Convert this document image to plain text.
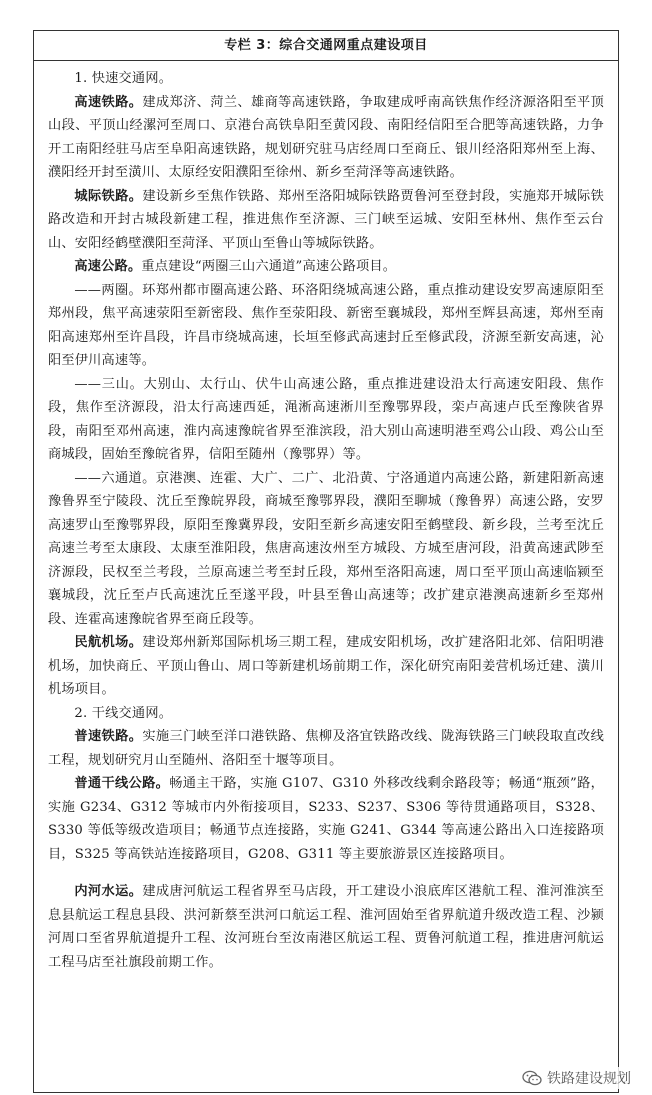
专栏 3：综合交通网重点建设项目

1. 快速交通网。

高速铁路。建成郑济、菏兰、雄商等高速铁路，争取建成呼南高铁焦作经济源洛阳至平顶山段、平顶山经漯河至周口、京港台高铁阜阳至黄冈段、南阳经信阳至合肥等高速铁路，力争开工南阳经驻马店至阜阳高速铁路，规划研究驻马店经周口至商丘、银川经洛阳郑州至上海、濮阳经开封至潢川、太原经安阳濮阳至徐州、新乡至菏泽等高速铁路。

城际铁路。建设新乡至焦作铁路、郑州至洛阳城际铁路贾鲁河至登封段，实施郑开城际铁路改造和开封古城段新建工程，推进焦作至济源、三门峡至运城、安阳至林州、焦作至云台山、安阳经鹤壁濮阳至菏泽、平顶山至鲁山等城际铁路。

高速公路。重点建设“两圈三山六通道”高速公路项目。

——两圈。环郑州都市圈高速公路、环洛阳绕城高速公路，重点推动建设安罗高速原阳至郑州段，焦平高速荥阳至新密段、焦作至荥阳段、新密至襄城段，郑州至辉县高速，郑州至南阳高速郑州至许昌段，许昌市绕城高速，长垣至修武高速封丘至修武段，济源至新安高速，沁阳至伊川高速等。

——三山。大别山、太行山、伏牛山高速公路，重点推进建设沿太行高速安阳段、焦作段，焦作至济源段，沿太行高速西延，渑淅高速淅川至豫鄂界段，栾卢高速卢氏至豫陕省界段，南阳至邓州高速，淮内高速豫皖省界至淮滨段，沿大别山高速明港至鸡公山段、鸡公山至商城段，固始至豫皖省界，信阳至随州（豫鄂界）等。

——六通道。京港澳、连霍、大广、二广、北沿黄、宁洛通道内高速公路，新建阳新高速豫鲁界至宁陵段、沈丘至豫皖界段，商城至豫鄂界段，濮阳至聊城（豫鲁界）高速公路，安罗高速罗山至豫鄂界段，原阳至豫冀界段，安阳至新乡高速安阳至鹤壁段、新乡段，兰考至沈丘高速兰考至太康段、太康至淮阳段，焦唐高速汝州至方城段、方城至唐河段，沿黄高速武陟至济源段，民权至兰考段，兰原高速兰考至封丘段，郑州至洛阳高速，周口至平顶山高速临颍至襄城段，沈丘至卢氏高速沈丘至遂平段，叶县至鲁山高速等；改扩建京港澳高速新乡至郑州段、连霍高速豫皖省界至商丘段等。

民航机场。建设郑州新郑国际机场三期工程，建成安阳机场，改扩建洛阳北郊、信阳明港机场，加快商丘、平顶山鲁山、周口等新建机场前期工作，深化研究南阳姜营机场迁建、潢川机场项目。

2. 干线交通网。

普速铁路。实施三门峡至洋口港铁路、焦柳及洛宜铁路改线、陇海铁路三门峡段取直改线工程，规划研究月山至随州、洛阳至十堰等项目。

普通干线公路。畅通主干路，实施 G107、G310 外移改线剩余路段等；畅通“瓶颈”路，实施 G234、G312 等城市内外衔接项目，S233、S237、S306 等待贯通路项目，S328、S330 等低等级改造项目；畅通节点连接路，实施 G241、G344 等高速公路出入口连接路项目，S325 等高铁站连接路项目，G208、G311 等主要旅游景区连接路项目。

内河水运。建成唐河航运工程省界至马店段，开工建设小浪底库区港航工程、淮河淮滨至息县航运工程息县段、洪河新蔡至洪河口航运工程、淮河固始至省界航道升级改造工程、沙颍河周口至省界航道提升工程、汝河班台至汝南港区航运工程、贾鲁河航道工程，推进唐河航运工程马店至社旗段前期工作。

铁路建设规划
